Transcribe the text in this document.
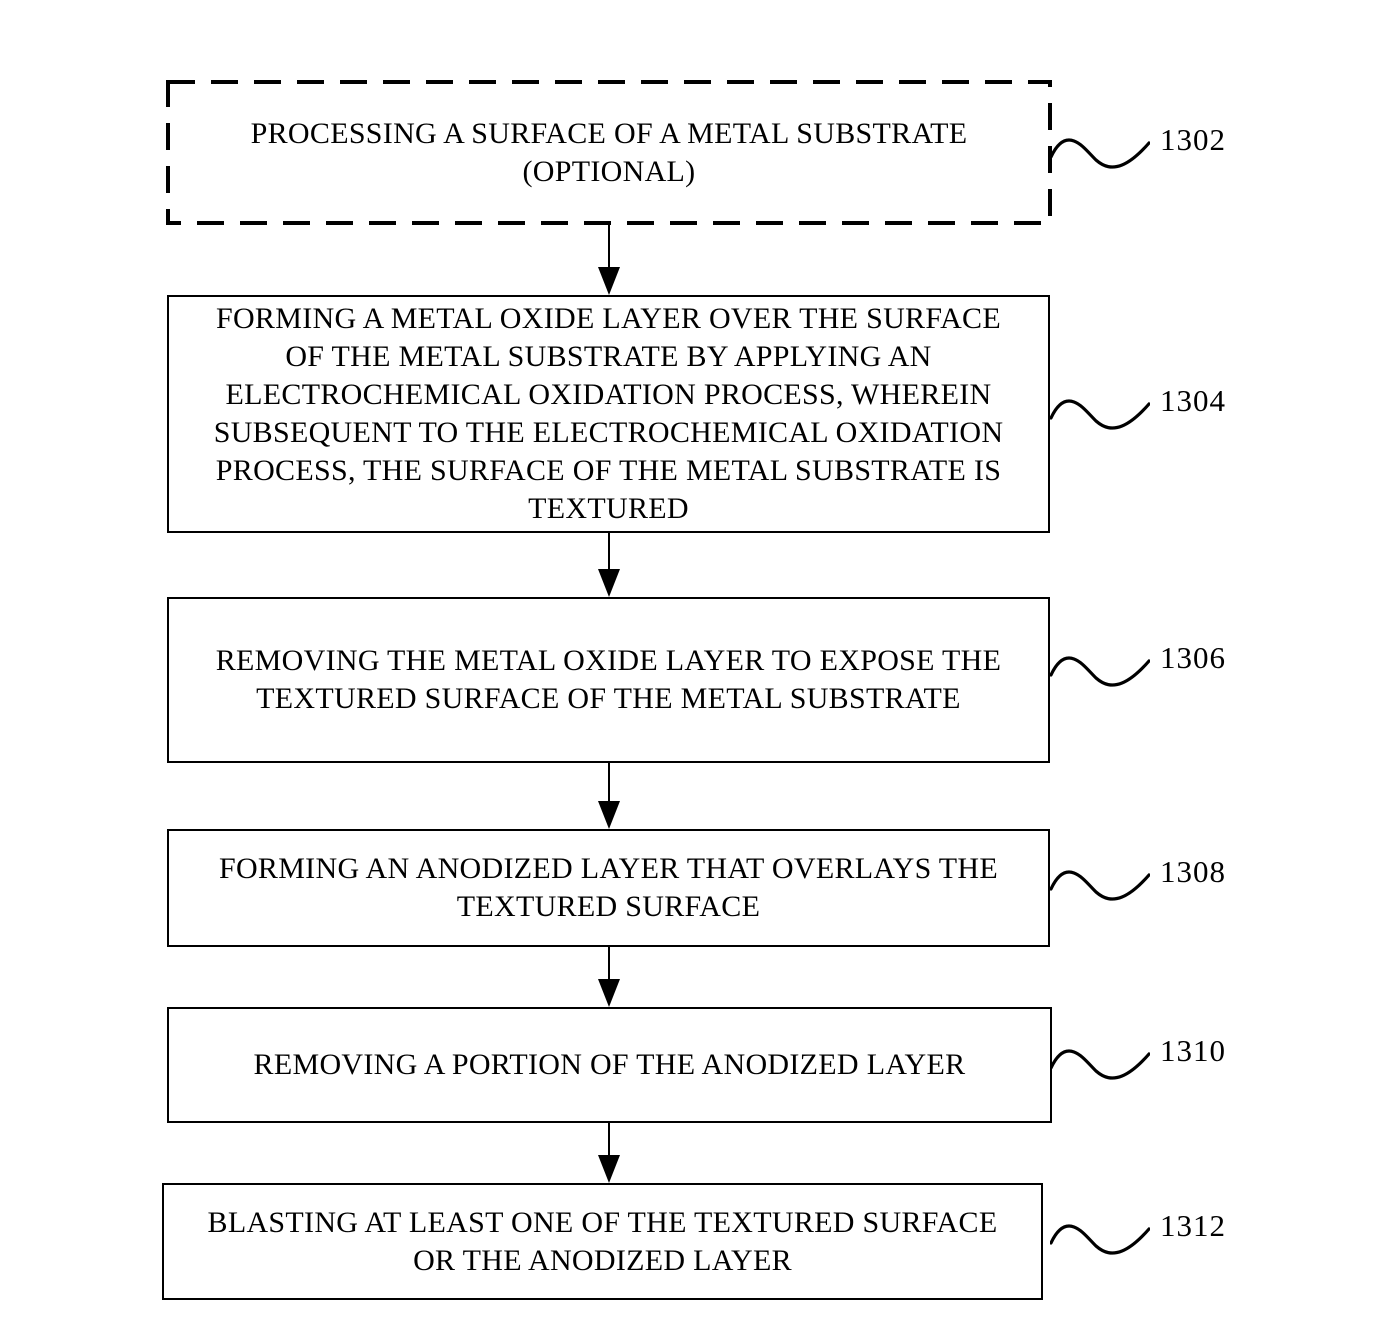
PROCESSING A SURFACE OF A METAL SUBSTRATE
(OPTIONAL)
FORMING A METAL OXIDE LAYER OVER THE SURFACE
OF THE METAL SUBSTRATE BY APPLYING AN
ELECTROCHEMICAL OXIDATION PROCESS, WHEREIN
SUBSEQUENT TO THE ELECTROCHEMICAL OXIDATION
PROCESS, THE SURFACE OF THE METAL SUBSTRATE IS
TEXTURED
REMOVING THE METAL OXIDE LAYER TO EXPOSE THE
TEXTURED SURFACE OF THE METAL SUBSTRATE
FORMING AN ANODIZED LAYER THAT OVERLAYS THE
TEXTURED SURFACE
REMOVING A PORTION OF THE ANODIZED LAYER
BLASTING AT LEAST ONE OF THE TEXTURED SURFACE
OR THE ANODIZED LAYER
1302
1304
1306
1308
1310
1312
